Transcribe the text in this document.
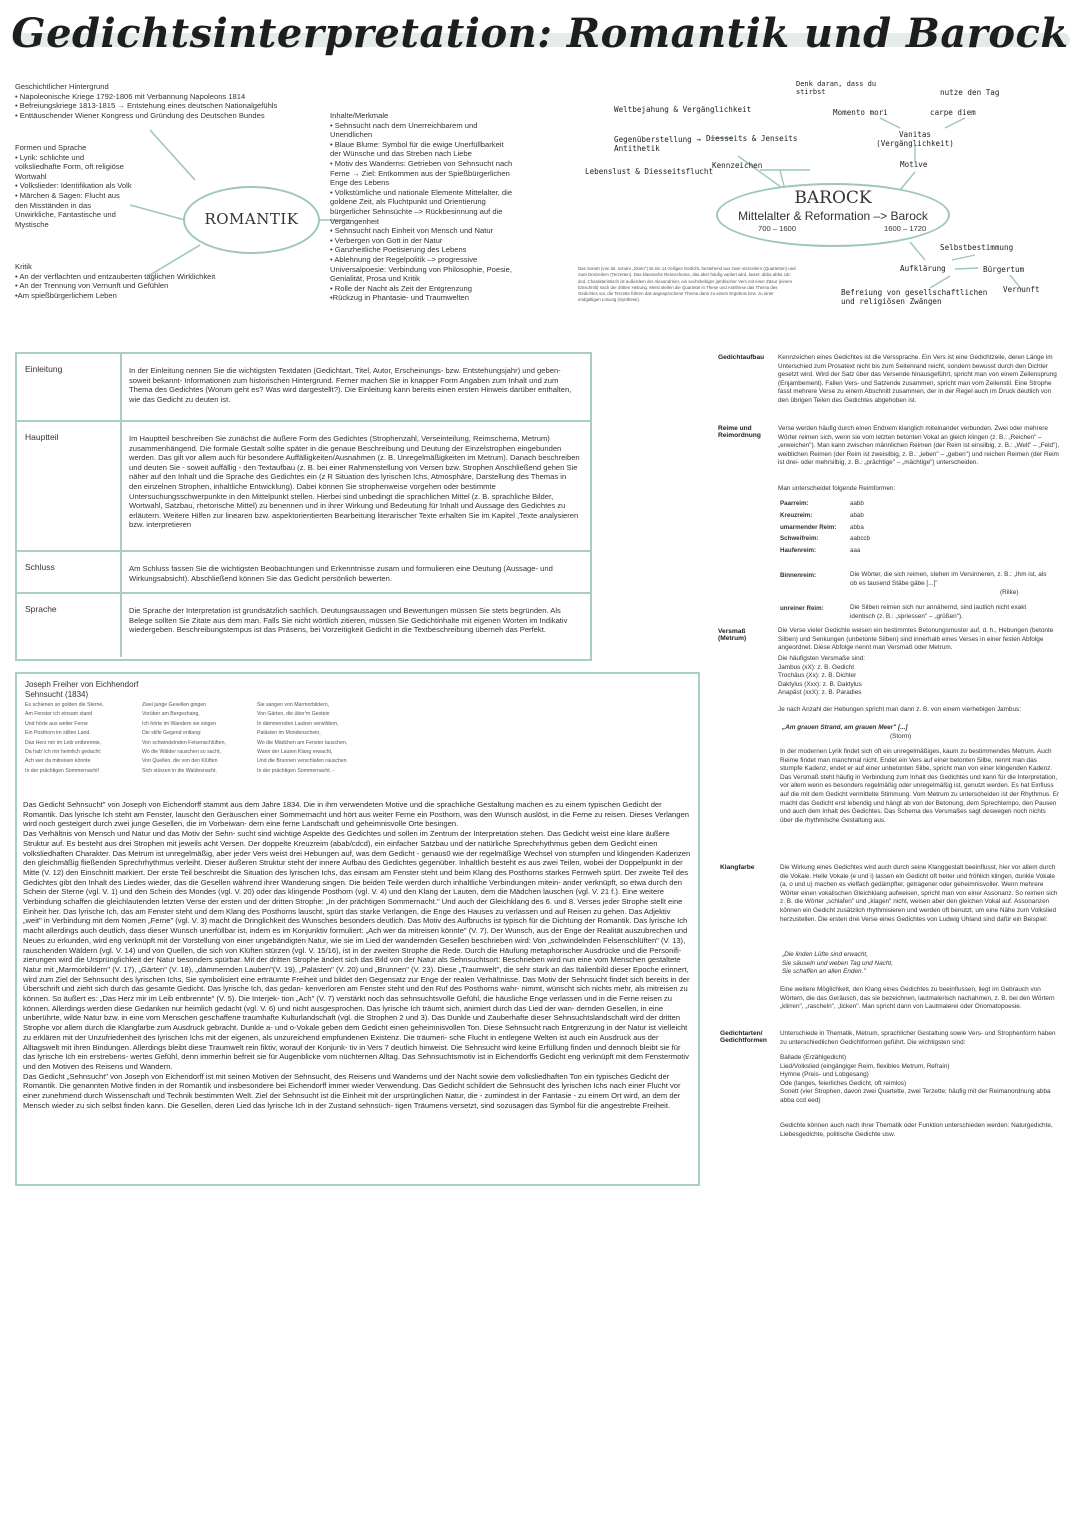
Gedichtsinterpretation: Romantik und Barock
ROMANTIK
Geschichtlicher Hintergrund
• Napoleonische Kriege 1792-1806 mit Verbannung Napoleons 1814
• Befreiungskriege 1813-1815 → Entstehung eines deutschen Nationalgefühls
• Enttäuschender Wiener Kongress und Gründung des Deutschen Bundes
Formen und Sprache
• Lyrik: schlichte und
volksliedhafte Form, oft religiöse
Wortwahl
• Volkslieder: Identifikation als Volk
• Märchen & Sagen: Flucht aus
den Misständen in das
Unwirkliche, Fantastische und
Mystische
Kritik
• An der verflachten und entzauberten täglichen Wirklichkeit
• An der Trennung von Vernunft und Gefühlen
•Am spießbürgerlichem Leben
Inhalte/Merkmale
• Sehnsucht nach dem Unerreichbarem und
Unendlichen
• Blaue Blume: Symbol für die ewige Unerfüllbarkeit
der Wünsche und das Streben nach Liebe
• Motiv des Wanderns: Getrieben von Sehnsucht nach
Ferne → Ziel: Entkommen aus der Spießbürgerlichen
Enge des Lebens
• Volkstümliche und nationale Elemente Mittelalter, die
goldene Zeit, als Fluchtpunkt und Orientierung
bürgerlicher Sehnsüchte –> Rückbesinnung auf die
Vergangenheit
• Sehnsucht nach Einheit von Mensch und Natur
• Verbergen von Gott in der Natur
• Ganzheitliche Poetisierung des Lebens
• Ablehnung der Regelpolitik –> progressive
Universalpoesie: Verbindung von Philosophie, Poesie,
Genialität, Prosa und Kritik
• Rolle der Nacht als Zeit der Entgrenzung
•Rückzug in Phantasie- und Traumwelten
BAROCK
Mittelalter & Reformation –> Barock
700 – 1600	1600 – 1720
Denk daran, dass du stirbst	nutze den Tag
Momento mori	carpe diem
Vanitas (Vergänglichkeit)
Motive
Weltbejahung & Vergänglichkeit
Gegenüberstellung → Antithetik
Diesseits & Jenseits
Lebenslust & Diesseitsflucht
Kennzeichen
Selbstbestimmung
Aufklärung	Bürgertum
Vernunft
Befreiung von gesellschaftlichen und religiösen Zwängen
Das Sonett (von lat. sonare „tönen“) ist ein 14-zeiliges Gedicht, bestehend aus zwei Vierzeilern (Quartetten) und zwei Dreizeilern (Terzetten). Das klassische Reimschema, das aber häufig variiert wird, lautet: abba abba cdc dcd. Charakteristisch ist außerdem der Alexandriner, ein sechshebiger jambischer Vers mit einer Zäsur (einem Einschnitt) nach der dritten Hebung. Meist stellen die Quartette in These und Antithese das Thema des Gedichtes vor, die Terzette führen das angesprochene Thema dann zu einem Ergebnis bzw. zu einer endgültigen Lösung (Synthese).
Einleitung	In der Einleitung nennen Sie die wichtigsten Textdaten (Gedichtart, Titel, Autor, Erscheinungs- bzw. Entstehungsjahr) und geben- soweit bekannt- Informationen zum historischen Hintergrund. Ferner machen Sie in knapper Form Angaben zum Inhalt und zum Thema des Gedichtes (Worum geht es? Was wird dargestellt?). Die Einleitung kann bereits einen ersten Hinweis darüber enthalten, wie das Gedicht zu deuten ist.
Hauptteil	Im Hauptteil beschreiben Sie zunächst die äußere Form des Gedichtes (Strophenzahl, Verseinteilung, Reimschema, Metrum) zusammenhängend. Die formale Gestalt sollte später in die genaue Beschreibung und Deutung der Einzelstrophen eingebunden werden. Das gilt vor allem auch für besondere Auffälligkeiten/Ausnahmen (z. B. Unregelmäßigkeiten im Metrum). Danach beschreiben und deuten Sie - soweit auffällig - den Textaufbau (z. B. bei einer Rahmenstellung von Versen bzw. Strophen Anschließend gehen Sie näher auf den Inhalt und die Sprache des Gedichtes ein (z R Situation des lyrischen Ichs, Atmosphäre, Darstellung des Themas in den einzelnen Strophen, inhaltliche Entwicklung). Dabei können Sie strophenweise vorgehen oder bestimmte Untersuchungsschwerpunkte in den Mittelpunkt stellen. Hierbei sind unbedingt die sprachlichen Mittel (z. B. sprachliche Bilder, Wortwahl, Satzbau, rhetorische Mittel) zu benennen und in ihrer Wirkung und Bedeutung für Inhalt und Aussage des Gedichtes zu erläutern. Weitere Hilfen zur linearen bzw. aspektorientierten Bearbeitung literarischer Texte erhalten Sie im Kapitel ,Texte analysieren bzw. interpretieren
Schluss	Am Schluss fassen Sie die wichtigsten Beobachtungen und Erkenntnisse zusam und formulieren eine Deutung (Aussage- und Wirkungsabsicht). Abschließend können Sie das Gedicht persönlich bewerten.
Sprache	Die Sprache der Interpretation ist grundsätzlich sachlich. Deutungsaussagen und Bewertungen müssen Sie stets begründen. Als Belege sollten Sie Zitate aus dem man. Falls Sie nicht wörtlich zitieren, müssen Sie Gedichtinhalte mit eigenen Worten im Indikativ wiedergeben. Beschreibungstempus ist das Präsens, bei Vorzeitigkeit Gedicht in die Textbeschreibung überneh das Perfekt.
Joseph Freiher von Eichhendorf
Sehnsucht (1834)
Es schienen so golden die Sterne,
Am Fenster ich einsam stand
Und hörte aus weiter Ferne
Ein Posthorn im stillen Land.
Das Herz mir im Leib entbrennte,
Da hab' ich mir heimlich gedacht:
Ach wer da mitreisen könnte
In der prächtigen Sommernacht!
Zwei junge Gesellen gingen
Vorüber am Bergeshang,
Ich hörte im Wandern sie singen
Die stille Gegend entlang:
Von schwindelnden Felsenschlüften,
Wo die Wälder rauschen so sacht,
Von Quellen, die von den Klüften
Sich stürzen in die Waldesnacht.
Sie sangen von Marmorbildern,
Von Gärten, die über'm Gestein
In dämmernden Lauben verwildern,
Palästen im Mondenschein,
Wo die Mädchen am Fenster lauschen,
Wann der Lauten Klang erwacht,
Und die Brunnen verschlafen rauschen
In der prächtigen Sommernacht. -
Das Gedicht Sehnsucht" von Joseph von Eichendorff stammt aus dem Jahre 1834. Die in ihm verwendeten Motive und die sprachliche Gestaltung machen es zu einem typischen Gedicht der Romantik. Das lyrische Ich steht am Fenster, lauscht den Geräuschen einer Sommernacht und hört aus weiter Ferne ein Posthorn, was den Wunsch auslöst, in die Ferne zu reisen. Dieses Verlangen wird noch gesteigert durch zwei junge Gesellen, die im Vorbeiwan- dern eine ferne Landschaft und geheimnisvolle Orte besingen.
Das Verhältnis von Mensch und Natur und das Motiv der Sehn- sucht sind wichtige Aspekte des Gedichtes und sollen im Zentrum der Interpretation stehen. Das Gedicht weist eine klare äußere Struktur auf. Es besteht aus drei Strophen mit jeweils acht Versen. Der doppelte Kreuzreim (abab/cdcd), ein einfacher Satzbau und der natürliche Sprechrhythmus geben dem Gedicht einen volksliedhaften Charakter. Das Metrum ist unregelmäßig, aber jeder Vers weist drei Hebungen auf, was dem Gedicht - genaus0 wie der regelmäßige Wechsel von stumpfen und klingenden Kadenzen den gleichmäßig fließenden Sprechrhythmus verleiht. Dieser äußeren Struktur steht der innere Aufbau des Gedichtes gegenüber. Inhaltlich besteht es aus zwei Teilen, wobei der Doppelpunkt in der Mitte (V. 12) den Einschnitt markiert. Der erste Teil beschreibt die Situation des lyrischen Ichs, das einsam am Fenster steht und beim Klang des Posthorns starkes Fernweh spürt. Der zweite Teil des Gedichtes gibt den Inhalt des Liedes wieder, das die Gesellen während ihrer Wanderung singen. Die beiden Teile werden durch inhaltliche Verbindungen mitein- ander verknüpft, so etwa durch den Schein der Sterne (vgl. V. 1) und den Schein des Mondes (vgl. V. 20) oder das klingende Posthorn (vgl. V. 4) und den Klang der Lauten, dem die Mädchen lauschen (vgl. V. 21 f.). Eine weitere Verbindung schaffen die gleichlautenden letzten Verse der ersten und der dritten Strophe: „In der prächtigen Sommernacht." Und auch der Gleichklang des 6. und 8. Verses jeder Strophe stellt eine Einheit her. Das lyrische Ich, das am Fenster steht und dem Klang des Posthorns lauscht, spürt das starke Verlangen, die Enge des Hauses zu verlassen und auf Reisen zu gehen. Das Adjektiv „weit" in Verbindung mit dem Nomen „Ferne" (vgl. V. 3) macht die Dringlichkeit des Wunsches besonders deutlich. Das Motiv des Aufbruchs ist typisch für die Dichtung der Romantik. Das lyrische Ich macht allerdings auch deutlich, dass dieser Wunsch unerfüllbar ist, indem es im Konjunktiv formuliert: „Ach wer da mitreisen könnte" (V. 7). Der Wunsch, aus der Enge der Realität auszubrechen und Neues zu erkunden, wird eng verknüpft mit der Vorstellung von einer ungebändigten Natur, wie sie im Lied der wandernden Gesellen beschrieben wird: Von „schwindelnden Felsenschlüften" (V. 13), rauschenden Wäldern (vgl. V. 14) und von Quellen, die sich von Klüften stürzen (vgl. V. 15/16), ist in der zweiten Strophe die Rede. Durch die Häufung metaphorischer Ausdrücke und die Personifi- zierungen wird die Ursprünglichkeit der Natur besonders spürbar. Mit der dritten Strophe ändert sich das Bild von der Natur als Sehnsuchtsort: Beschrieben wird nun eine vom Menschen gestaltete Natur mit „Marmorbildern" (V. 17), „Gärten" (V. 18), „dämmernden Lauben"(V. 19), „Palästen" (V. 20) und „Brunnen" (V. 23). Diese „Traumwelt", die sehr stark an das Italienbild dieser Epoche erinnert, wird zum Ziel der Sehnsucht des lyrischen Ichs, Sie symbolisiert eine erträumte Freiheit und bildet den Gegensatz zur Enge der realen Verhältnisse. Das Motiv der Sehnsucht findet sich bereits in der Überschrift und zieht sich durch das gesamte Gedicht. Das lyrische Ich, das gedan- kenverloren am Fenster steht und den Ruf des Posthorns wahr- nimmt, wünscht sich nichts mehr, als mitreisen zu können. So äußert es: „Das Herz mir im Leib entbrennte" (V. 5). Die Interjek- tion „Ach" (V. 7) verstärkt noch das sehnsuchtsvolle Gefühl, die häusliche Enge verlassen und in die Ferne reisen zu können. Allerdings werden diese Gedanken nur heimlich gedacht (vgl. V. 6) und nicht ausgesprochen. Das lyrische Ich träumt sich, animiert durch das Lied der wan- dernden Gesellen, in eine unberührte, wilde Natur bzw. in eine vom Menschen geschaffene traumhafte Kulturlandschaft (vgl. die Strophen 2 und 3). Das Dunkle und Zauberhafte dieser Sehnsuchtslandschaft wird der dritten Strophe vor allem durch die Klangfarbe zum Ausdruck gebracht. Dunkle a- und o-Vokale geben dem Gedicht einen geheimnisvollen Ton. Diese Sehnsucht nach Entgrenzung in der Natur ist vielleicht zu erklären mit der Unzufriedenheit des lyrischen Ichs mit der eigenen, als unzureichend empfundenen Existenz. Die träumeri- sche Flucht in entlegene Welten ist auch ein Ausdruck aus der Alltagswelt mit ihren Bindungen. Allerdings bleibt diese Traumwelt rein fiktiv, worauf der Konjunk- tiv in Vers 7 deutlich hinweist. Die Sehnsucht wird keine Erfüllung finden und dennoch bleibt sie für das lyrische Ich ein erstrebens- wertes Gefühl, denn immerhin befreit sie für Augenblicke vom nüchternen Alltag. Das Sehnsuchtsmotiv ist in Eichendorffs Gedicht eng verknüpft mit dem Fenstermotiv und den Motiven des Reisens und Wandern.
Das Gedicht „Sehnsucht" von Joseph von Eichendorff ist mit seinen Motiven der Sehnsucht, des Reisens und Wanderns und der Nacht sowie dem volksliedhaften Ton ein typisches Gedicht der Romantik. Die genannten Motive finden in der Romantik und insbesondere bei Eichendorff immer wieder Verwendung. Das Gedicht schildert die Sehnsucht des lyrischen Ichs nach einer Flucht vor einer zunehmend durch Wissenschaft und Technik bestimmten Welt. Ziel der Sehnsucht ist die Einheit mit der ursprünglichen Natur, die - zumindest in der Fantasie - zu einem Ort wird, an dem der Mensch wieder zu sich selbst finden kann. Die Gesellen, deren Lied das lyrische Ich in der Zustand sehnsüch- tigen Träumens versetzt, sind sozusagen das Symbol für die angestrebte Freiheit.
Gedichtaufbau Kennzeichen eines Gedichtes ist die Verssprache. Ein Vers ist eine Gedichtzeile, deren Länge im Unterschied zum Prosatext nicht bis zum Seitenrand reicht, sondern bewusst durch den Dichter gesetzt wird. Wird der Satz über das Versende hinausgeführt, spricht man von einem Zeilensprung (Enjambement). Fallen Vers- und Satzende zusammen, spricht man vom Zeilenstil. Eine Strophe fasst mehrere Verse zu einem Abschnitt zusammen, der in der Regel auch im Druck deutlich von den übrigen Teilen des Gedichtes abgehoben ist.
Reime und Reimordnung
Verse werden häufig durch einen Endreim klanglich miteinander verbunden. Zwei oder mehrere Wörter reimen sich, wenn sie vom letzten betonten Vokal an gleich klingen (z. B.: „Reichen" – „erweichen"). Man kann zwischen männlichen Reimen (der Reim ist einsilbig, z. B.: „Welt" – „Feld"), weiblichen Reimen (der Reim ist zweisilbig, z. B.: „leben" – „geben") und reichen Reimen (der Reim ist drei- oder mehrsilbig, z. B.: „prächtige" – „mächtige") unterscheiden.
Man unterscheidet folgende Reimformen:
Paarreim:	aabb
Kreuzreim:	abab
umarmender Reim:	abba
Schweifreim:	aabccb
Haufenreim:	aaa
Binnenreim:	Die Wörter, die sich reimen, stehen im Versinneren, z. B.: „Ihm ist, als ob es tausend Stäbe gäbe [...]"
(Rilke)
unreiner Reim:	Die Silben reimen sich nur annähernd, sind lautlich nicht exakt identisch (z. B.: „spriessen" – „grüßen").
Versmaß (Metrum)
Die Verse vieler Gedichte weisen ein bestimmtes Betonungsmuster auf, d. h., Hebungen (betonte Silben) und Senkungen (unbetonte Silben) sind innerhalb eines Verses in einer festen Abfolge angeordnet. Diese Abfolge nennt man Versmaß oder Metrum.
Die häufigsten Versmaße sind:
Jambus (xX): z. B. Gedicht
Trochäus (Xx): z. B. Dichter
Daktylus (Xxx): z. B. Daktylus
Anapäst (xxX): z. B. Paradies
Je nach Anzahl der Hebungen spricht man dann z. B. von einem vierhebigen Jambus:
„Am grauen Strand, am grauen Meer" [...]
(Storm)
In der modernen Lyrik findet sich oft ein unregelmäßiges, kaum zu bestimmendes Metrum. Auch Reime findet man manchmal nicht. Endet ein Vers auf einer betonten Silbe, nennt man das stumpfe Kadenz, endet er auf einer unbetonten Silbe, spricht man von einer klingenden Kadenz. Das Versmaß steht häufig in Verbindung zum Inhalt des Gedichtes und kann für die Interpretation, vor allem wenn es besonders regelmäßig oder unregelmäßig ist, genutzt werden. Es hat Einfluss auf die mit dem Gedicht vermittelte Stimmung. Vom Metrum zu unterscheiden ist der Rhythmus. Er macht das Gedicht erst lebendig und hängt ab von der Betonung, dem Sprechtempo, den Pausen und auch dem Inhalt des Gedichtes. Das Schema des Versmaßes sagt deswegen noch nichts über die rhythmische Gestaltung aus.
Klangfarbe	Die Wirkung eines Gedichtes wird auch durch seine Klanggestalt beeinflusst, hier vor allem durch die Vokale. Helle Vokale (e und i) lassen ein Gedicht oft heiter und fröhlich klingen, dunkle Vokale (a, o und u) machen es vielfach gedämpfter, getragener oder geheimnisvoller. Wenn mehrere Wörter einen vokalischen Gleichklang aufweisen, spricht man von einer Assonanz. So reimen sich z. B. die Wörter „schlafen" und „klagen" nicht, weisen aber den gleichen Vokal auf. Assonanzen können ein Gedicht zusätzlich rhythmisieren und werden oft benutzt, um eine Nähe zum Volkslied herzustellen. Die ersten drei Verse eines Gedichtes von Ludwig Uhland sind dafür ein Beispiel:
„Die linden Lüfte sind erwacht,
Sie säuseln und weben Tag und Nacht,
Sie schaffen an allen Enden."
Eine weitere Möglichkeit, den Klang eines Gedichtes zu beeinflussen, liegt im Gebrauch von Wörtern, die das Geräusch, das sie bezeichnen, lautmalerisch nachahmen, z. B. bei den Wörtern „klirren", „rascheln", „ticken". Man spricht dann von Lautmalerei oder Onomatopoesie.
Gedichtarten/ Gedichtformen
Unterschiede in Thematik, Metrum, sprachlicher Gestaltung sowie Vers- und Strophenform haben zu unterschiedlichen Gedichtformen geführt. Die wichtigsten sind:
Ballade (Erzählgedicht)
Lied/Volkslied (eingängiger Reim, flexibles Metrum, Refrain)
Hymne (Preis- und Lobgesang)
Ode (langes, feierliches Gedicht, oft reimlos)
Sonett (vier Strophen, davon zwei Quartette, zwei Terzette; häufig mit der Reimanordnung abba abba ccd eed)
Gedichte können auch nach ihrer Thematik oder Funktion unterschieden werden: Naturgedichte, Liebesgedichte, politische Gedichte usw.
